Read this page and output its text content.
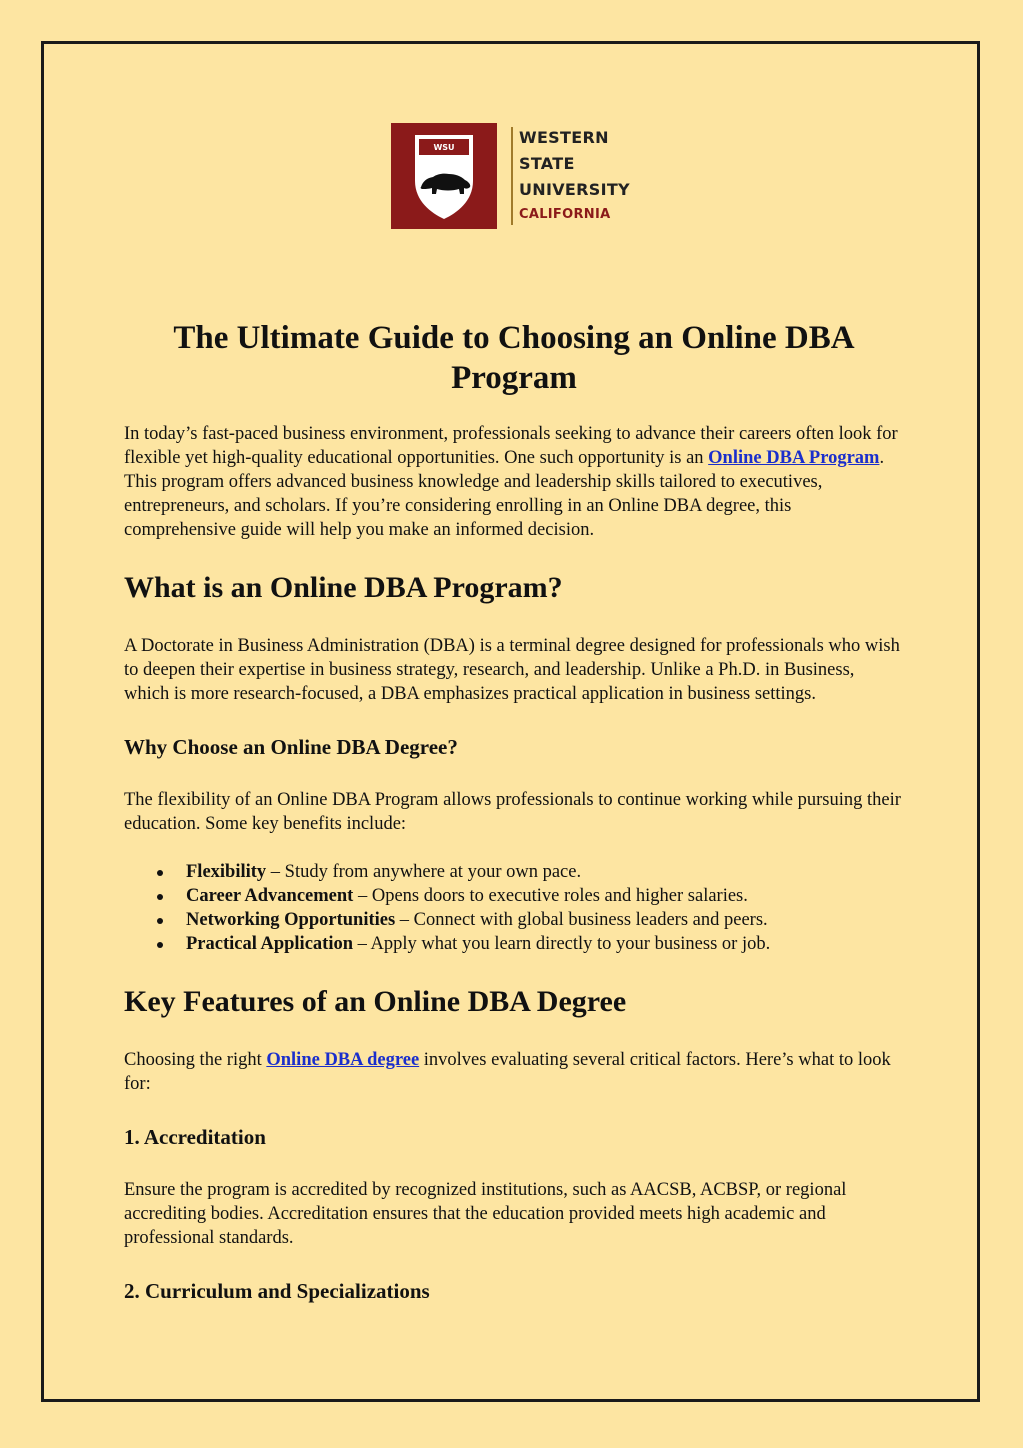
WSU
WESTERN
STATE
UNIVERSITY
CALIFORNIA
The Ultimate Guide to Choosing an Online DBA Program

In today’s fast-paced business environment, professionals seeking to advance their careers often look for flexible yet high-quality educational opportunities. One such opportunity is an Online DBA Program. This program offers advanced business knowledge and leadership skills tailored to executives, entrepreneurs, and scholars. If you’re considering enrolling in an Online DBA degree, this comprehensive guide will help you make an informed decision.

What is an Online DBA Program?

A Doctorate in Business Administration (DBA) is a terminal degree designed for professionals who wish to deepen their expertise in business strategy, research, and leadership. Unlike a Ph.D. in Business, which is more research-focused, a DBA emphasizes practical application in business settings.

Why Choose an Online DBA Degree?

The flexibility of an Online DBA Program allows professionals to continue working while pursuing their education. Some key benefits include:

Flexibility – Study from anywhere at your own pace.
Career Advancement – Opens doors to executive roles and higher salaries.
Networking Opportunities – Connect with global business leaders and peers.
Practical Application – Apply what you learn directly to your business or job.
Key Features of an Online DBA Degree

Choosing the right Online DBA degree involves evaluating several critical factors. Here’s what to look for:

1. Accreditation

Ensure the program is accredited by recognized institutions, such as AACSB, ACBSP, or regional accrediting bodies. Accreditation ensures that the education provided meets high academic and professional standards.

2. Curriculum and Specializations
